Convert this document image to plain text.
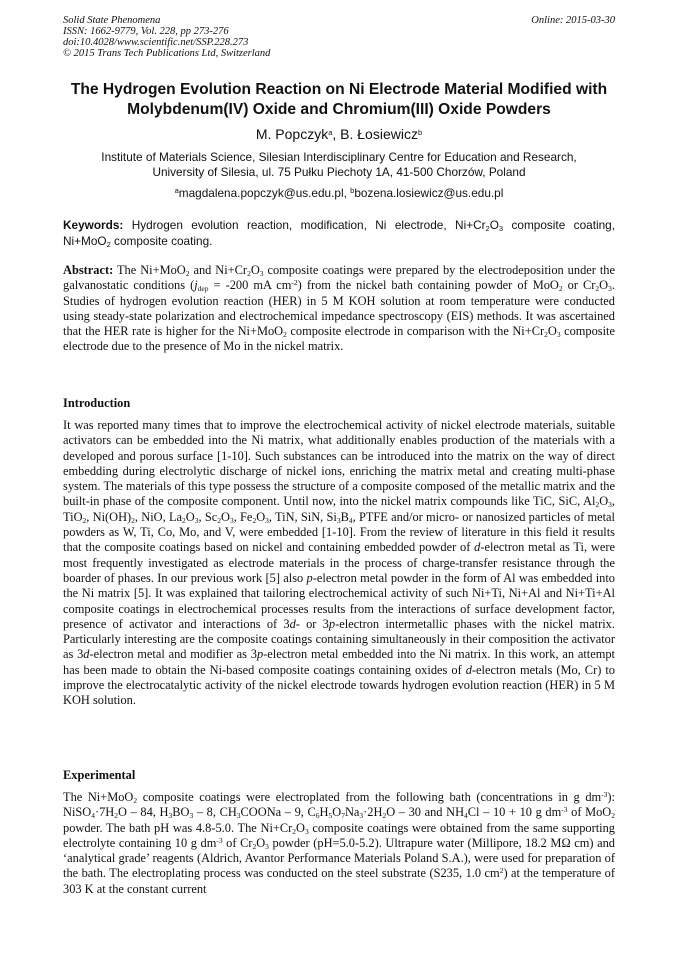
Solid State Phenomena
ISSN: 1662-9779, Vol. 228, pp 273-276
doi:10.4028/www.scientific.net/SSP.228.273
© 2015 Trans Tech Publications Ltd, Switzerland
Online: 2015-03-30
The Hydrogen Evolution Reaction on Ni Electrode Material Modified with
Molybdenum(IV) Oxide and Chromium(III) Oxide Powders
M. Popczyk$^a$, B. Łosiewicz$^b$
Institute of Materials Science, Silesian Interdisciplinary Centre for Education and Research,
University of Silesia, ul. 75 Pułku Piechoty 1A, 41-500 Chorzów, Poland
$^a$magdalena.popczyk@us.edu.pl, $^b$bozena.losiewicz@us.edu.pl
Keywords: Hydrogen evolution reaction, modification, Ni electrode, $Ni+Cr_2O_3$ composite coating, Ni+MoO$_2$ composite coating.
Abstract: The Ni+MoO$_2$ and $Ni+Cr_2O_3$ composite coatings were prepared by the electrodeposition under the galvanostatic conditions ($j_{dep} = -200$ mA $cm^{-2}$) from the nickel bath containing powder of MoO$_2$ or $Cr_2O_3$. Studies of hydrogen evolution reaction (HER) in 5 M KOH solution at room temperature were conducted using steady-state polarization and electrochemical impedance spectroscopy (EIS) methods. It was ascertained that the HER rate is higher for the Ni+MoO$_2$ composite electrode in comparison with the $Ni+Cr_2O_3$ composite electrode due to the presence of Mo in the nickel matrix.
Introduction
It was reported many times that to improve the electrochemical activity of nickel electrode materials, suitable activators can be embedded into the Ni matrix, what additionally enables production of the materials with a developed and porous surface [1-10]. Such substances can be introduced into the matrix on the way of direct embedding during electrolytic discharge of nickel ions, enriching the matrix metal and creating multi-phase system. The materials of this type possess the structure of a composite composed of the metallic matrix and the built-in phase of the composite component. Until now, into the nickel matrix compounds like TiC, SiC, $Al_2O_3$, TiO$_2$, $Ni(OH)_2$, NiO, $La_2O_3$, $Sc_2O_3$, $Fe_2O_3$, TiN, SiN, $Si_3B_4$, PTFE and/or micro- or nanosized particles of metal powders as W, Ti, Co, Mo, and V, were embedded [1-10]. From the review of literature in this field it results that the composite coatings based on nickel and containing embedded powder of d-electron metal as Ti, were most frequently investigated as electrode materials in the process of charge-transfer resistance through the boarder of phases. In our previous work [5] also p-electron metal powder in the form of Al was embedded into the Ni matrix [5]. It was explained that tailoring electrochemical activity of such Ni+Ti, Ni+Al and Ni+Ti+Al composite coatings in electrochemical processes results from the interactions of surface development factor, presence of activator and interactions of 3d- or 3p-electron intermetallic phases with the nickel matrix. Particularly interesting are the composite coatings containing simultaneously in their composition the activator as 3d-electron metal and modifier as 3p-electron metal embedded into the Ni matrix. In this work, an attempt has been made to obtain the Ni-based composite coatings containing oxides of d-electron metals (Mo, Cr) to improve the electrocatalytic activity of the nickel electrode towards hydrogen evolution reaction (HER) in 5 M KOH solution.
Experimental
The Ni+MoO$_2$ composite coatings were electroplated from the following bath (concentrations in g $dm^{-3}$): $NiSO_4\cdot 7H_2O - 84$, $H_3BO_3 - 8$, $CH_3COONa - 9$, $C_6H_5O_7Na_3\cdot 2H_2O - 30$ and $NH_4Cl - 10 + 10$ g $dm^{-3}$ of MoO$_2$ powder. The bath pH was 4.8-5.0. The $Ni+Cr_2O_3$ composite coatings were obtained from the same supporting electrolyte containing 10 g $dm^{-3}$ of $Cr_2O_3$ powder (pH=5.0-5.2). Ultrapure water (Millipore, 18.2 MΩ cm) and ‘analytical grade’ reagents (Aldrich, Avantor Performance Materials Poland S.A.), were used for preparation of the bath. The electroplating process was conducted on the steel substrate (S235, 1.0 $cm^2$) at the temperature of 303 K at the constant current
